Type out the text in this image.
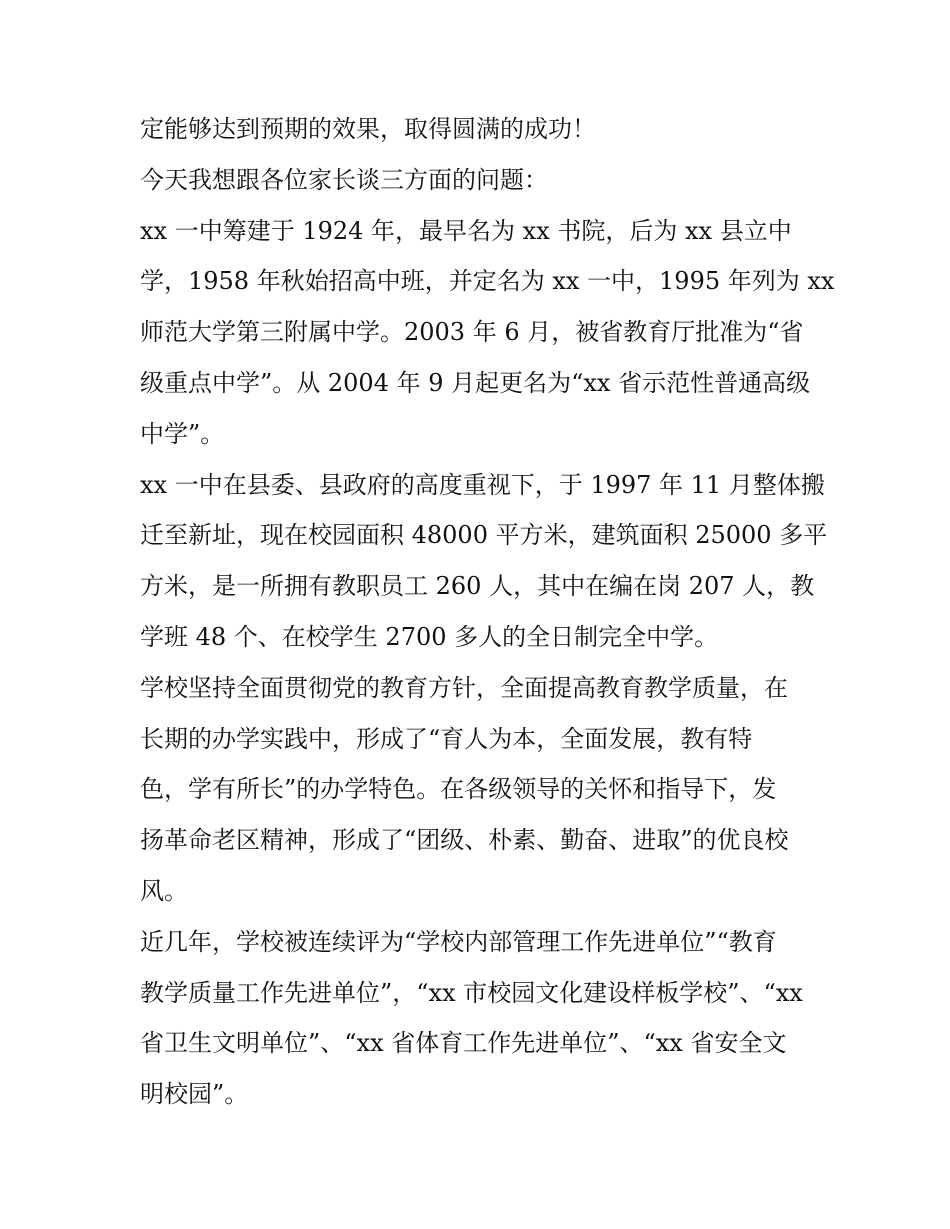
定能够达到预期的效果，取得圆满的成功！

今天我想跟各位家长谈三方面的问题：

xx 一中筹建于 1924 年，最早名为 xx 书院，后为 xx 县立中
学，1958 年秋始招高中班，并定名为 xx 一中，1995 年列为 xx
师范大学第三附属中学。2003 年 6 月，被省教育厅批准为“省
级重点中学”。从 2004 年 9 月起更名为“xx 省示范性普通高级
中学”。

xx 一中在县委、县政府的高度重视下，于 1997 年 11 月整体搬
迁至新址，现在校园面积 48000 平方米，建筑面积 25000 多平
方米，是一所拥有教职员工 260 人，其中在编在岗 207 人，教
学班 48 个、在校学生 2700 多人的全日制完全中学。

学校坚持全面贯彻党的教育方针，全面提高教育教学质量，在
长期的办学实践中，形成了“育人为本，全面发展，教有特
色，学有所长”的办学特色。在各级领导的关怀和指导下，发
扬革命老区精神，形成了“团级、朴素、勤奋、进取”的优良校
风。

近几年，学校被连续评为“学校内部管理工作先进单位”“教育
教学质量工作先进单位”，“xx 市校园文化建设样板学校”、“xx
省卫生文明单位”、“xx 省体育工作先进单位”、“xx 省安全文
明校园”。
